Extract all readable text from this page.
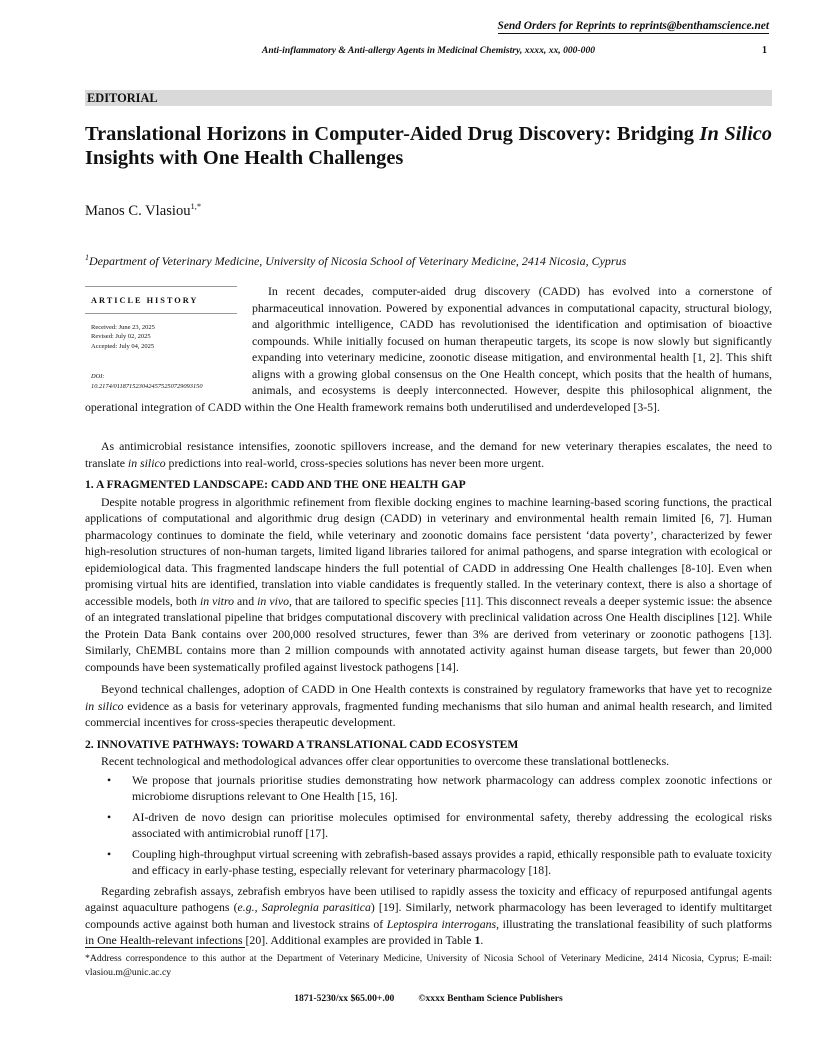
Send Orders for Reprints to reprints@benthamscience.net
Anti-inflammatory & Anti-allergy Agents in Medicinal Chemistry, xxxx, xx, 000-000	1
EDITORIAL
Translational Horizons in Computer-Aided Drug Discovery: Bridging In Silico Insights with One Health Challenges
Manos C. Vlasiou$^{1,*}$
$^1$Department of Veterinary Medicine, University of Nicosia School of Veterinary Medicine, 2414 Nicosia, Cyprus
ARTICLE HISTORY
Received: June 23, 2025
Revised: July 02, 2025
Accepted: July 04, 2025
DOI:
10.2174/0118715230424575250729093150

In recent decades, computer-aided drug discovery (CADD) has evolved into a cornerstone of pharmaceutical innovation. Powered by exponential advances in computational capacity, structural biology, and algorithmic intelligence, CADD has revolutionised the identification and optimisation of bioactive compounds. While initially focused on human therapeutic targets, its scope is now slowly but significantly expanding into veterinary medicine, zoonotic disease mitigation, and environmental health [1, 2]. This shift aligns with a growing global consensus on the One Health concept, which posits that the health of humans, animals, and ecosystems is deeply interconnected. However, despite this philosophical alignment, the operational integration of CADD within the One Health framework remains both underutilised and underdeveloped [3-5].

As antimicrobial resistance intensifies, zoonotic spillovers increase, and the demand for new veterinary therapies escalates, the need to translate in silico predictions into real-world, cross-species solutions has never been more urgent.

1. A FRAGMENTED LANDSCAPE: CADD AND THE ONE HEALTH GAP

Despite notable progress in algorithmic refinement from flexible docking engines to machine learning-based scoring functions, the practical applications of computational and algorithmic drug design (CADD) in veterinary and environmental health remain limited [6, 7]. Human pharmacology continues to dominate the field, while veterinary and zoonotic domains face persistent ‘data poverty’, characterized by fewer high-resolution structures of non-human targets, limited ligand libraries tailored for animal pathogens, and sparse integration with ecological or epidemiological data. This fragmented landscape hinders the full potential of CADD in addressing One Health challenges [8-10]. Even when promising virtual hits are identified, translation into viable candidates is frequently stalled. In the veterinary context, there is also a shortage of accessible models, both in vitro and in vivo, that are tailored to specific species [11]. This disconnect reveals a deeper systemic issue: the absence of an integrated translational pipeline that bridges computational discovery with preclinical validation across One Health disciplines [12]. While the Protein Data Bank contains over 200,000 resolved structures, fewer than 3% are derived from veterinary or zoonotic pathogens [13]. Similarly, ChEMBL contains more than 2 million compounds with annotated activity against human disease targets, but fewer than 20,000 compounds have been systematically profiled against livestock pathogens [14].

Beyond technical challenges, adoption of CADD in One Health contexts is constrained by regulatory frameworks that have yet to recognize in silico evidence as a basis for veterinary approvals, fragmented funding mechanisms that silo human and animal health research, and limited commercial incentives for cross-species therapeutic development.

2. INNOVATIVE PATHWAYS: TOWARD A TRANSLATIONAL CADD ECOSYSTEM

Recent technological and methodological advances offer clear opportunities to overcome these translational bottlenecks.

• We propose that journals prioritise studies demonstrating how network pharmacology can address complex zoonotic infections or microbiome disruptions relevant to One Health [15, 16].
• AI-driven de novo design can prioritise molecules optimised for environmental safety, thereby addressing the ecological risks associated with antimicrobial runoff [17].
• Coupling high-throughput virtual screening with zebrafish-based assays provides a rapid, ethically responsible path to evaluate toxicity and efficacy in early-phase testing, especially relevant for veterinary pharmacology [18].

Regarding zebrafish assays, zebrafish embryos have been utilised to rapidly assess the toxicity and efficacy of repurposed antifungal agents against aquaculture pathogens (e.g., Saprolegnia parasitica) [19]. Similarly, network pharmacology has been leveraged to identify multitarget compounds active against both human and livestock strains of Leptospira interrogans, illustrating the translational feasibility of such platforms in One Health-relevant infections [20]. Additional examples are provided in Table 1.

*Address correspondence to this author at the Department of Veterinary Medicine, University of Nicosia School of Veterinary Medicine, 2414 Nicosia, Cyprus; E-mail: vlasiou.m@unic.ac.cy
1871-5230/xx $65.00+.00 ©xxxx Bentham Science Publishers
